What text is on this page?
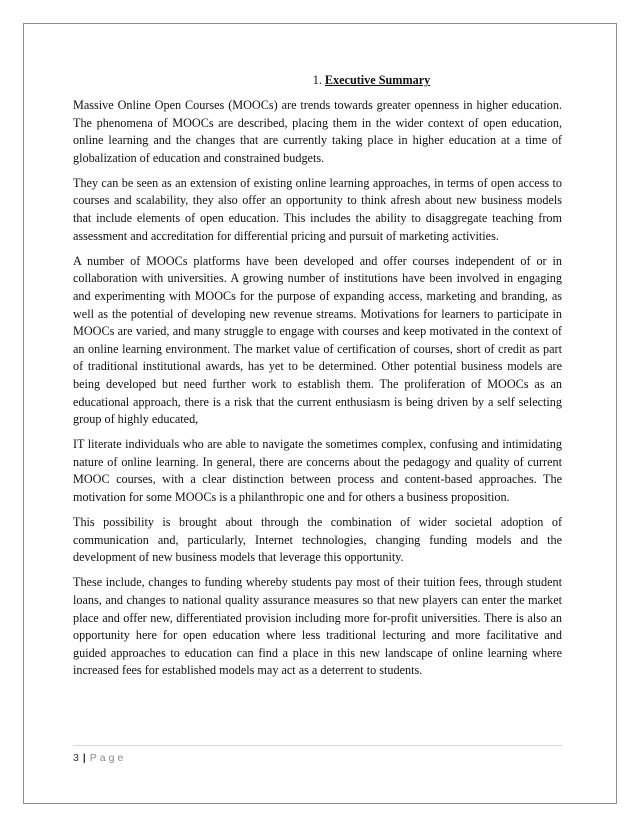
1. Executive Summary

Massive Online Open Courses (MOOCs) are trends towards greater openness in higher education. The phenomena of MOOCs are described, placing them in the wider context of open education, online learning and the changes that are currently taking place in higher education at a time of globalization of education and constrained budgets.

They can be seen as an extension of existing online learning approaches, in terms of open access to courses and scalability, they also offer an opportunity to think afresh about new business models that include elements of open education. This includes the ability to disaggregate teaching from assessment and accreditation for differential pricing and pursuit of marketing activities.

A number of MOOCs platforms have been developed and offer courses independent of or in collaboration with universities. A growing number of institutions have been involved in engaging and experimenting with MOOCs for the purpose of expanding access, marketing and branding, as well as the potential of developing new revenue streams. Motivations for learners to participate in MOOCs are varied, and many struggle to engage with courses and keep motivated in the context of an online learning environment. The market value of certification of courses, short of credit as part of traditional institutional awards, has yet to be determined. Other potential business models are being developed but need further work to establish them. The proliferation of MOOCs as an educational approach, there is a risk that the current enthusiasm is being driven by a self selecting group of highly educated,

IT literate individuals who are able to navigate the sometimes complex, confusing and intimidating nature of online learning. In general, there are concerns about the pedagogy and quality of current MOOC courses, with a clear distinction between process and content-based approaches. The motivation for some MOOCs is a philanthropic one and for others a business proposition.

This possibility is brought about through the combination of wider societal adoption of communication and, particularly, Internet technologies, changing funding models and the development of new business models that leverage this opportunity.

These include, changes to funding whereby students pay most of their tuition fees, through student loans, and changes to national quality assurance measures so that new players can enter the market place and offer new, differentiated provision including more for-profit universities. There is also an opportunity here for open education where less traditional lecturing and more facilitative and guided approaches to education can find a place in this new landscape of online learning where increased fees for established models may act as a deterrent to students.

3 | Page
